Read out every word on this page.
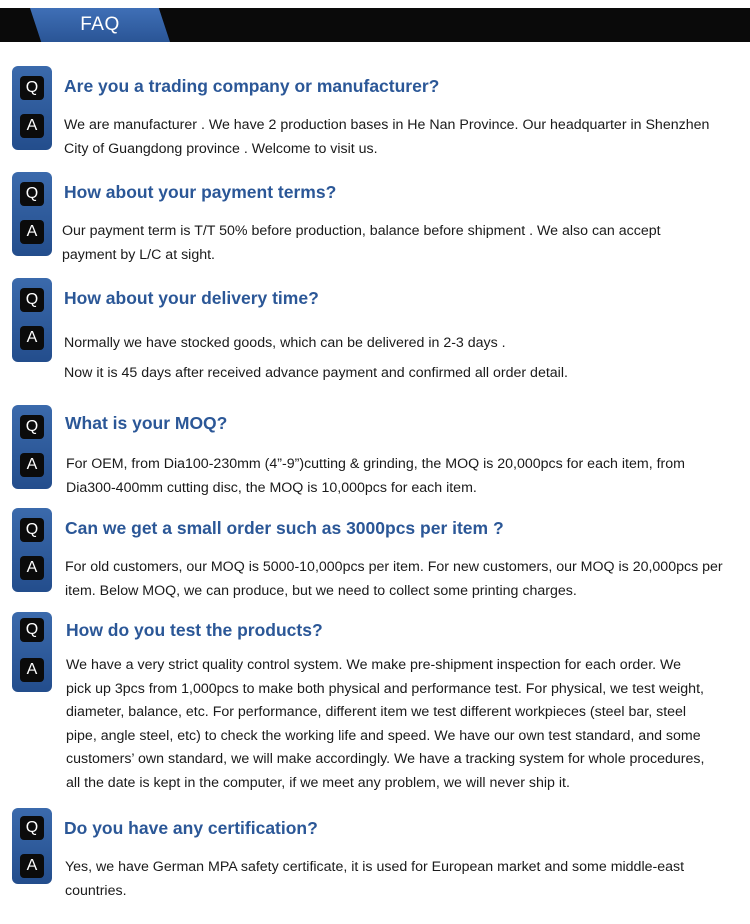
FAQ
Q
A
Are you a trading company or manufacturer?

We are manufacturer . We have 2 production bases in He Nan Province. Our headquarter in Shenzhen City of Guangdong province . Welcome to visit us.

Q
A
How about your payment terms?

Our payment term is T/T 50% before production, balance before shipment . We also can accept payment by L/C at sight.

Q
A
How about your delivery time?

Normally we have stocked goods, which can be delivered in 2-3 days .

Now it is 45 days after received advance payment and confirmed all order detail.

Q
A
What is your MOQ?

For OEM, from Dia100-230mm (4”-9”)cutting & grinding, the MOQ is 20,000pcs for each item, from Dia300-400mm cutting disc, the MOQ is 10,000pcs for each item.

Q
A
Can we get a small order such as 3000pcs per item ?

For old customers, our MOQ is 5000-10,000pcs per item. For new customers, our MOQ is 20,000pcs per item. Below MOQ, we can produce, but we need to collect some printing charges.

Q
A
How do you test the products?

We have a very strict quality control system. We make pre-shipment inspection for each order. We pick up 3pcs from 1,000pcs to make both physical and performance test. For physical, we test weight, diameter, balance, etc. For performance, different item we test different workpieces (steel bar, steel pipe, angle steel, etc) to check the working life and speed. We have our own test standard, and some customers’ own standard, we will make accordingly. We have a tracking system for whole procedures, all the date is kept in the computer, if we meet any problem, we will never ship it.

Q
A
Do you have any certification?

Yes, we have German MPA safety certificate, it is used for European market and some middle-east countries.
